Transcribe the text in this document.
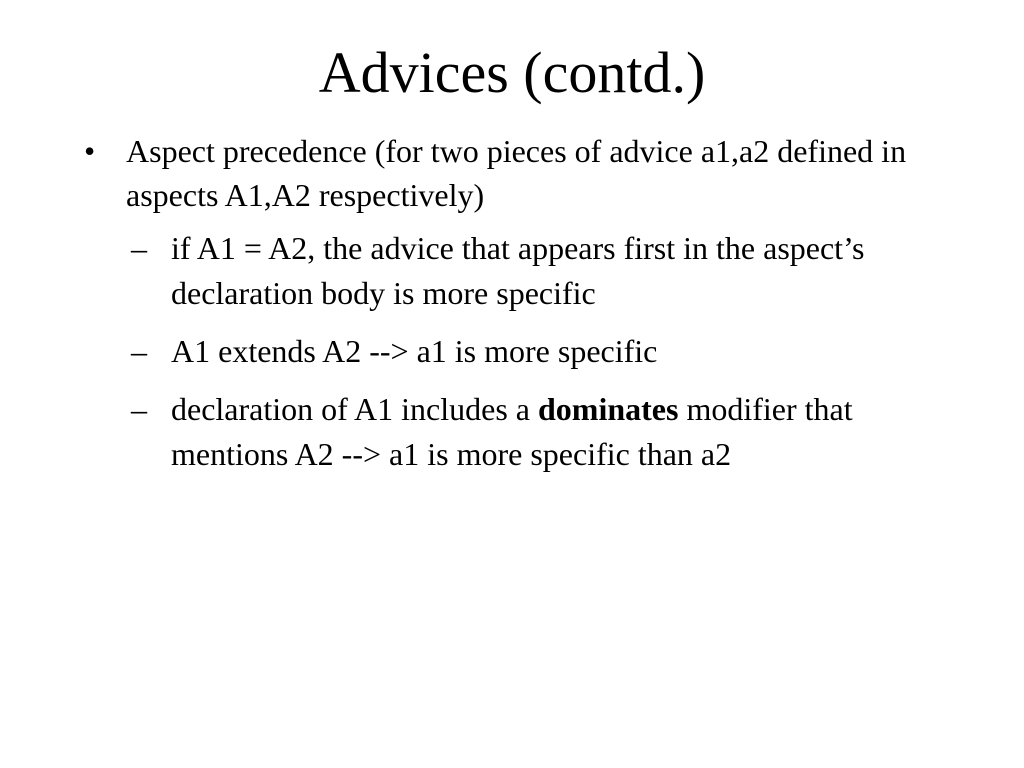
Advices (contd.)
• Aspect precedence (for two pieces of advice a1,a2 defined in aspects A1,A2 respectively)
– if A1 = A2, the advice that appears first in the aspect’s declaration body is more specific
– A1 extends A2 --> a1 is more specific
– declaration of A1 includes a dominates modifier that mentions A2 --> a1 is more specific than a2
